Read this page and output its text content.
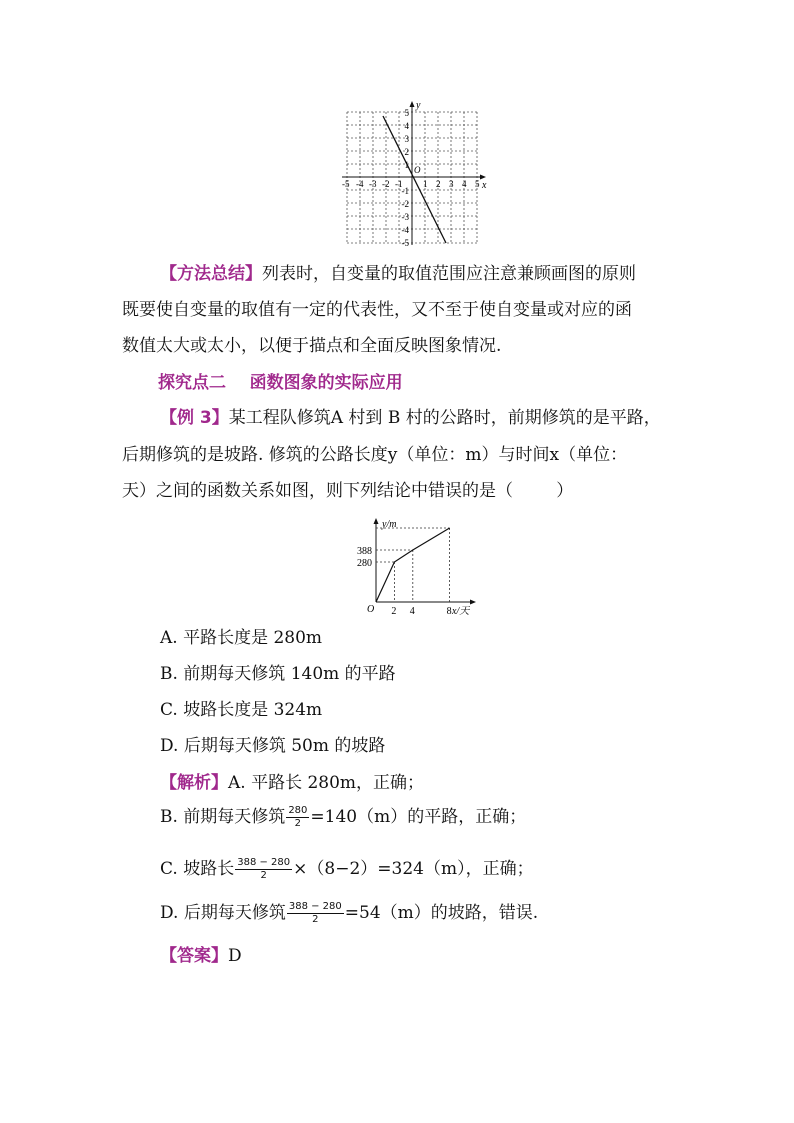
y
x
O
-5 -4 -3 -2 -1 1 2 3 4 5
5
4
3
2
1
-1
-2
-3
-4
-5
【方法总结】列表时，自变量的取值范围应注意兼顾画图的原则
既要使自变量的取值有一定的代表性，又不至于使自变量或对应的函
数值太大或太小，以便于描点和全面反映图象情况.
探究点二    函数图象的实际应用
【例 3】某工程队修筑A 村到 B 村的公路时，前期修筑的是平路，
后期修筑的是坡路. 修筑的公路长度y（单位：m）与时间x（单位：
天）之间的函数关系如图，则下列结论中错误的是（        ）
y/m
x/天
O 2 4	8
388
280
A. 平路长度是 280m
B. 前期每天修筑 140m 的平路
C. 坡路长度是 324m
D. 后期每天修筑 50m 的坡路
【解析】A. 平路长 280m，正确；
B. 前期每天修筑 $\frac{280}{2} =140(m)$的平路，正确；
C. 坡路长 $\frac{388 - 280}{2} \times(8-2)=324(m)$，正确；
D. 后期每天修筑 $\frac{388 - 280}{2} =54(m)$的坡路，错误.
【答案】D
